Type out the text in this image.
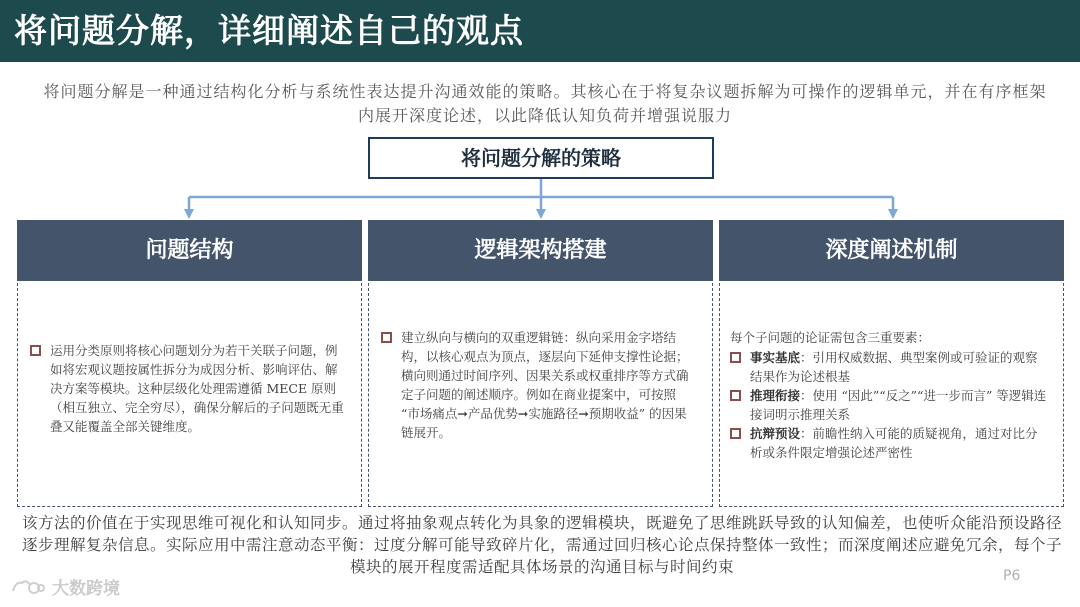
将问题分解，详细阐述自己的观点
将问题分解是一种通过结构化分析与系统性表达提升沟通效能的策略。其核心在于将复杂议题拆解为可操作的逻辑单元，并在有序框架内展开深度论述，以此降低认知负荷并增强说服力
将问题分解的策略
问题结构
运用分类原则将核心问题划分为若干关联子问题，例如将宏观议题按属性拆分为成因分析、影响评估、解决方案等模块。这种层级化处理需遵循 MECE 原则（相互独立、完全穷尽），确保分解后的子问题既无重叠又能覆盖全部关键维度。
逻辑架构搭建
建立纵向与横向的双重逻辑链：纵向采用金字塔结构，以核心观点为顶点，逐层向下延伸支撑性论据；横向则通过时间序列、因果关系或权重排序等方式确定子问题的阐述顺序。例如在商业提案中，可按照 “市场痛点➞产品优势➞实施路径➞预期收益” 的因果链展开。
深度阐述机制
每个子问题的论证需包含三重要素：
事实基底：引用权威数据、典型案例或可验证的观察结果作为论述根基
推理衔接：使用 “因此”“反之”“进一步而言” 等逻辑连接词明示推理关系
抗辩预设：前瞻性纳入可能的质疑视角，通过对比分析或条件限定增强论述严密性
该方法的价值在于实现思维可视化和认知同步。通过将抽象观点转化为具象的逻辑模块，既避免了思维跳跃导致的认知偏差，也使听众能沿预设路径逐步理解复杂信息。实际应用中需注意动态平衡：过度分解可能导致碎片化，需通过回归核心论点保持整体一致性；而深度阐述应避免冗余，每个子模块的展开程度需适配具体场景的沟通目标与时间约束
大数跨境
P6
